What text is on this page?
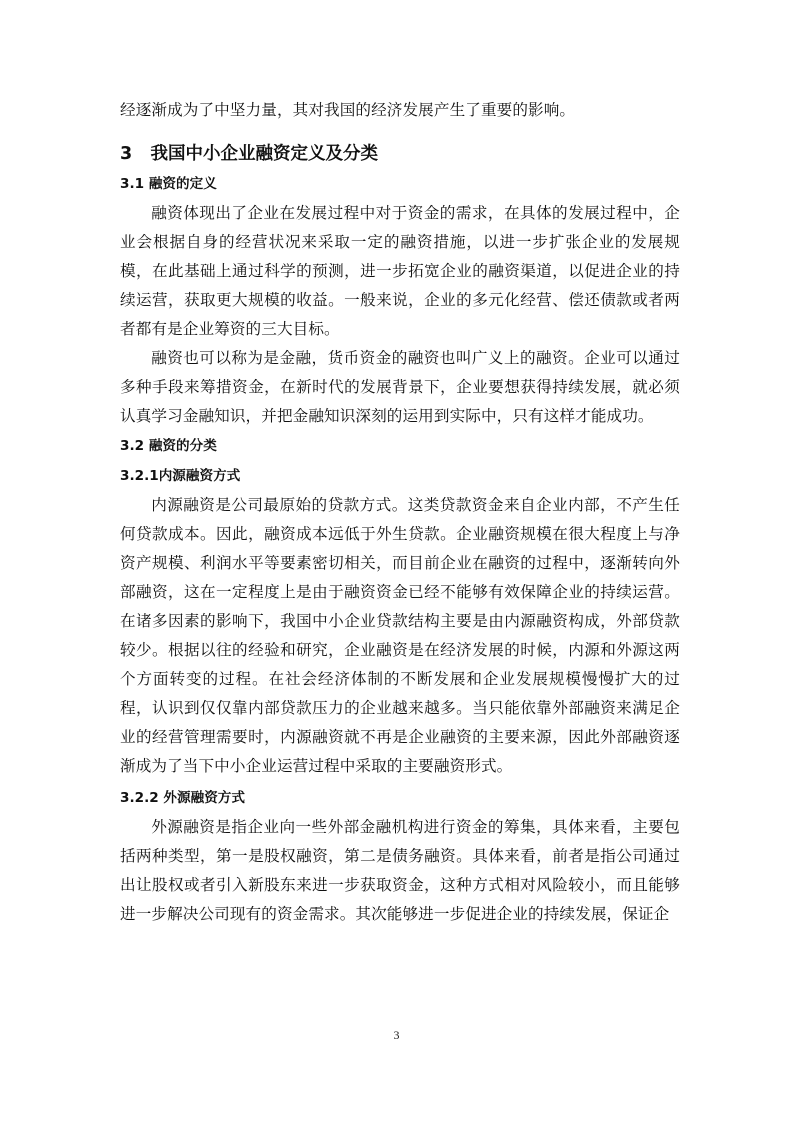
经逐渐成为了中坚力量，其对我国的经济发展产生了重要的影响。

3   我国中小企业融资定义及分类
3.1 融资的定义

融资体现出了企业在发展过程中对于资金的需求，在具体的发展过程中，企业会根据自身的经营状况来采取一定的融资措施，以进一步扩张企业的发展规模，在此基础上通过科学的预测，进一步拓宽企业的融资渠道，以促进企业的持续运营，获取更大规模的收益。一般来说，企业的多元化经营、偿还债款或者两者都有是企业筹资的三大目标。

融资也可以称为是金融，货币资金的融资也叫广义上的融资。企业可以通过多种手段来筹措资金，在新时代的发展背景下，企业要想获得持续发展，就必须认真学习金融知识，并把金融知识深刻的运用到实际中，只有这样才能成功。

3.2 融资的分类
3.2.1内源融资方式

内源融资是公司最原始的贷款方式。这类贷款资金来自企业内部，不产生任何贷款成本。因此，融资成本远低于外生贷款。企业融资规模在很大程度上与净资产规模、利润水平等要素密切相关，而目前企业在融资的过程中，逐渐转向外部融资，这在一定程度上是由于融资资金已经不能够有效保障企业的持续运营。在诸多因素的影响下，我国中小企业贷款结构主要是由内源融资构成，外部贷款较少。根据以往的经验和研究，企业融资是在经济发展的时候，内源和外源这两个方面转变的过程。在社会经济体制的不断发展和企业发展规模慢慢扩大的过程，认识到仅仅靠内部贷款压力的企业越来越多。当只能依靠外部融资来满足企业的经营管理需要时，内源融资就不再是企业融资的主要来源，因此外部融资逐渐成为了当下中小企业运营过程中采取的主要融资形式。

3.2.2 外源融资方式

外源融资是指企业向一些外部金融机构进行资金的筹集，具体来看，主要包括两种类型，第一是股权融资，第二是债务融资。具体来看，前者是指公司通过出让股权或者引入新股东来进一步获取资金，这种方式相对风险较小，而且能够进一步解决公司现有的资金需求。其次能够进一步促进企业的持续发展，保证企

3
